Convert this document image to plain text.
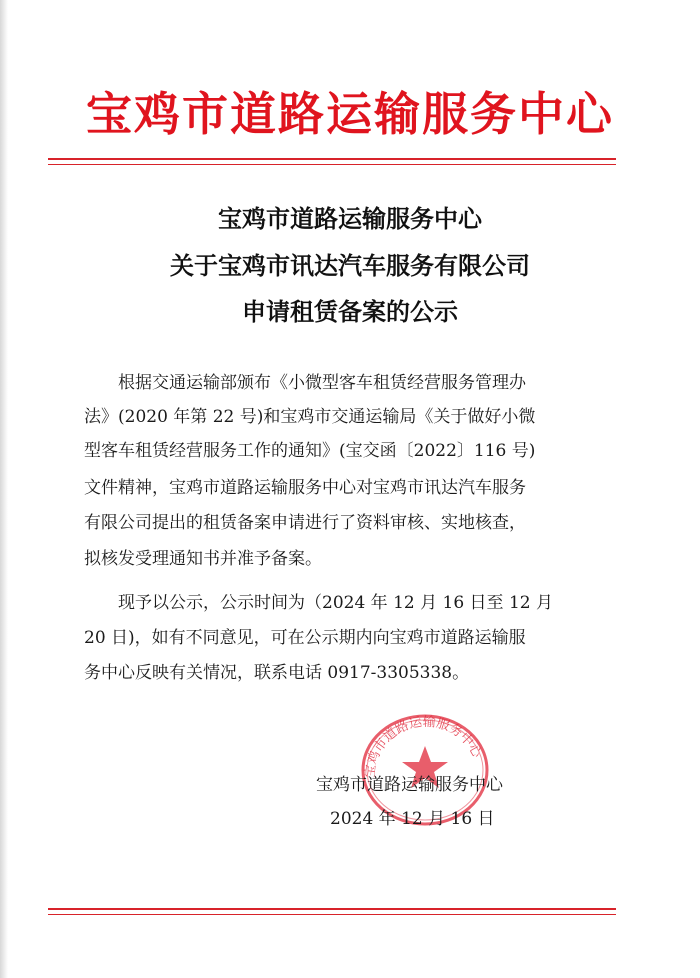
宝鸡市道路运输服务中心
宝鸡市道路运输服务中心
关于宝鸡市讯达汽车服务有限公司
申请租赁备案的公示
根据交通运输部颁布《小微型客车租赁经营服务管理办
法》(2020 年第 22 号)和宝鸡市交通运输局《关于做好小微
型客车租赁经营服务工作的通知》(宝交函〔2022〕116 号)
文件精神，宝鸡市道路运输服务中心对宝鸡市讯达汽车服务
有限公司提出的租赁备案申请进行了资料审核、实地核查，
拟核发受理通知书并准予备案。
现予以公示，公示时间为（2024 年 12 月 16 日至 12 月
20 日)，如有不同意见，可在公示期内向宝鸡市道路运输服
务中心反映有关情况，联系电话 0917-3305338。
宝鸡市道路运输服务中心
宝鸡市道路运输服务中心
2024 年 12 月 16 日
